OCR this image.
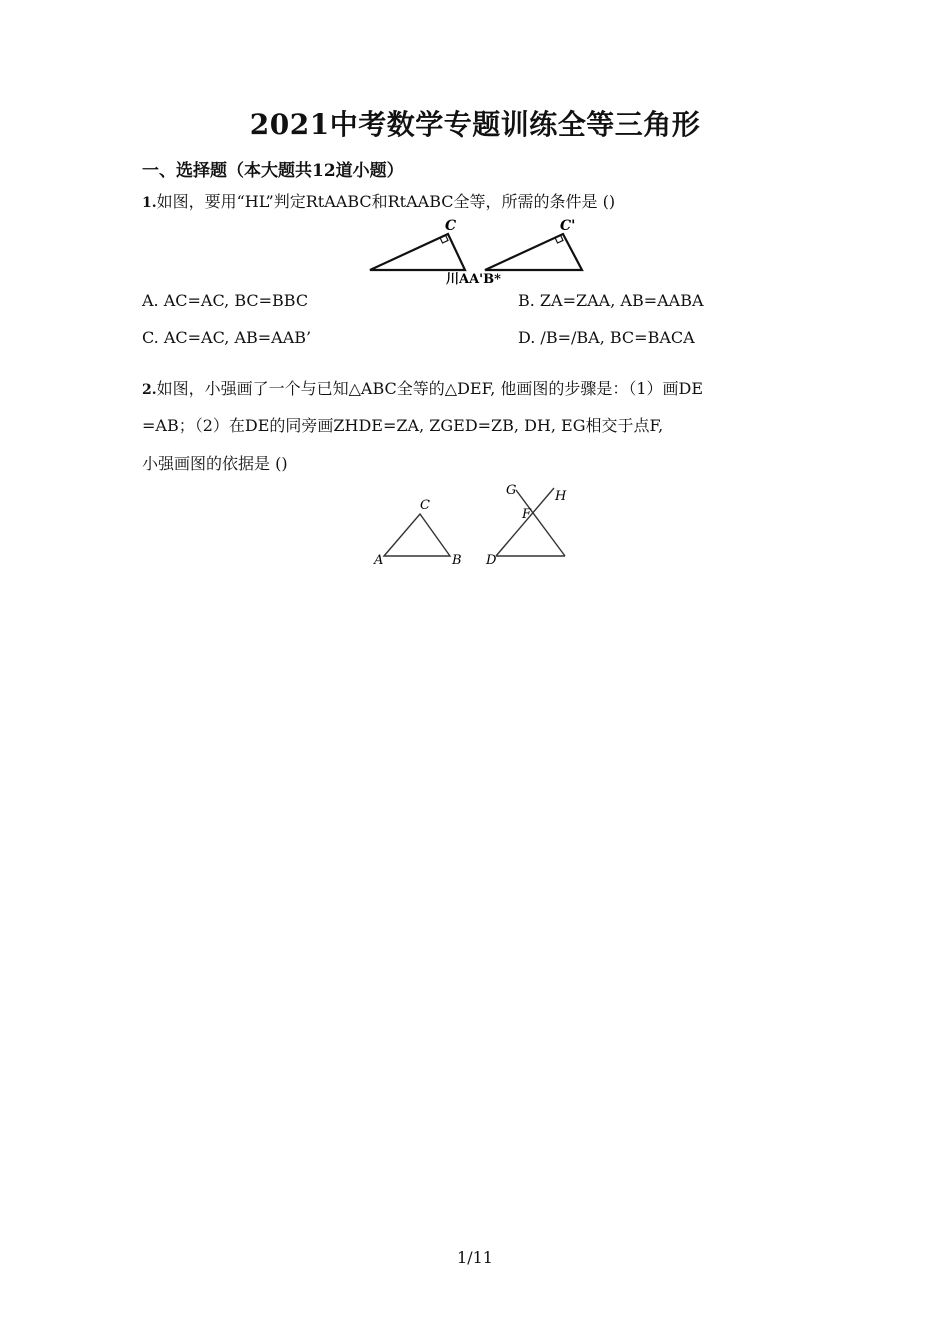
2021中考数学专题训练全等三角形
一、选择题（本大题共12道小题）
1.如图，要用“HL”判定RtAABC和RtAABC全等，所需的条件是 ()
C	C'
川AA'B*
A. AC=AC, BC=BBC	B. ZA=ZAA, AB=AABA
C. AC=AC, AB=AAB’	D. /B=/BA, BC=BACA
2.如图，小强画了一个与已知△ABC全等的△DEF, 他画图的步骤是：（1）画DE
=AB；（2）在DE的同旁画ZHDE=ZA, ZGED=ZB, DH, EG相交于点F,
小强画图的依据是 ()
A	B
C
D
F
G	H
1/11
